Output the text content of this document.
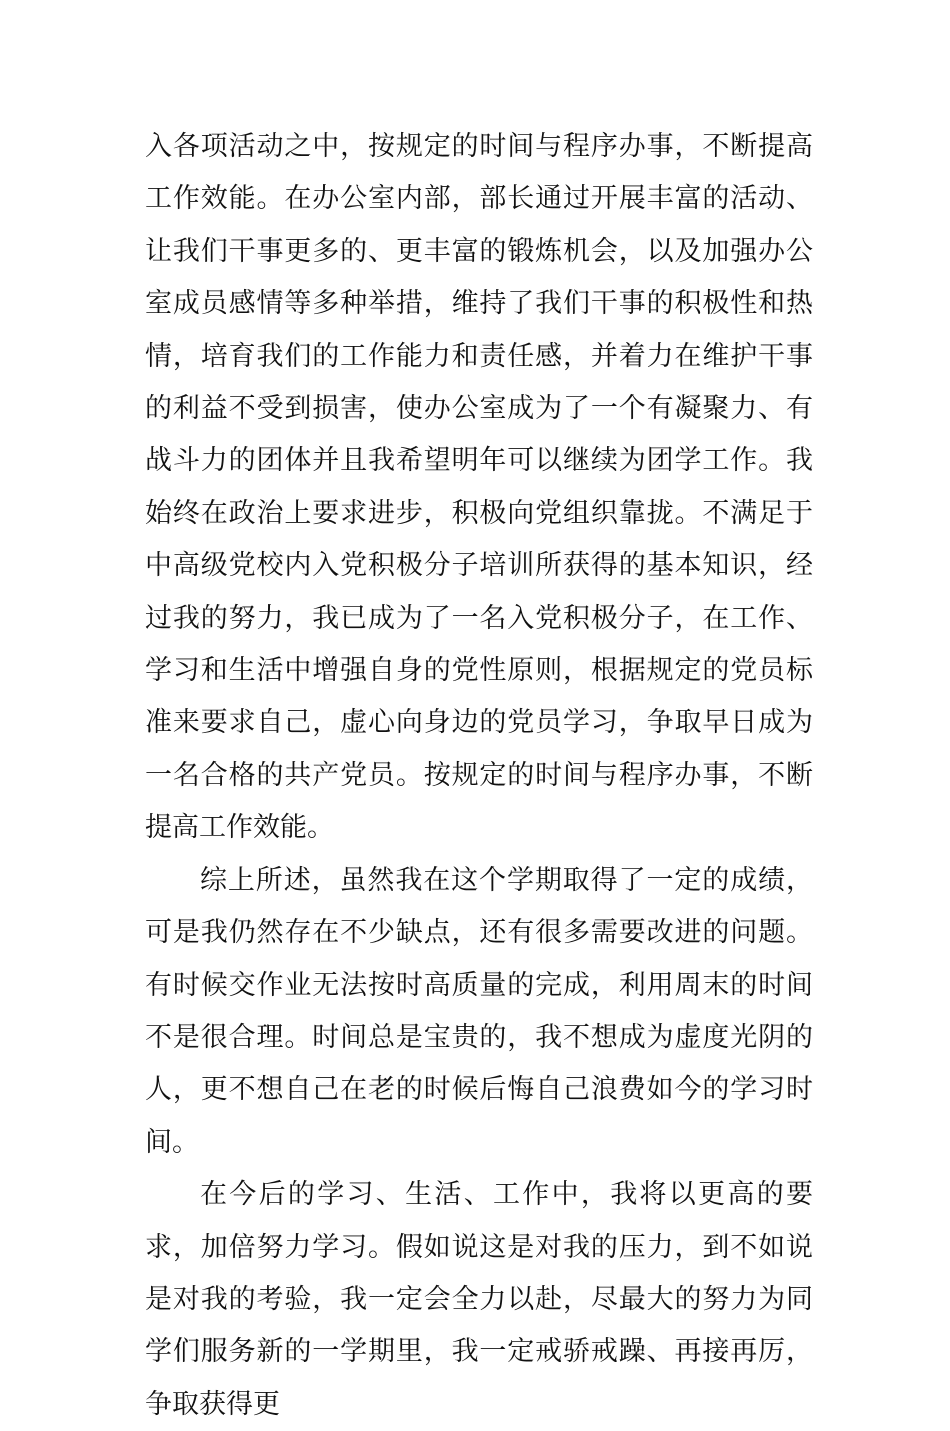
入各项活动之中，按规定的时间与程序办事，不断提高工作效能。在办公室内部，部长通过开展丰富的活动、让我们干事更多的、更丰富的锻炼机会，以及加强办公室成员感情等多种举措，维持了我们干事的积极性和热情，培育我们的工作能力和责任感，并着力在维护干事的利益不受到损害，使办公室成为了一个有凝聚力、有战斗力的团体并且我希望明年可以继续为团学工作。我始终在政治上要求进步，积极向党组织靠拢。不满足于中高级党校内入党积极分子培训所获得的基本知识，经过我的努力，我已成为了一名入党积极分子，在工作、学习和生活中增强自身的党性原则，根据规定的党员标准来要求自己，虚心向身边的党员学习，争取早日成为一名合格的共产党员。按规定的时间与程序办事，不断提高工作效能。

综上所述，虽然我在这个学期取得了一定的成绩，可是我仍然存在不少缺点，还有很多需要改进的问题。有时候交作业无法按时高质量的完成，利用周末的时间不是很合理。时间总是宝贵的，我不想成为虚度光阴的人，更不想自己在老的时候后悔自己浪费如今的学习时间。

在今后的学习、生活、工作中，我将以更高的要求，加倍努力学习。假如说这是对我的压力，到不如说是对我的考验，我一定会全力以赴，尽最大的努力为同学们服务新的一学期里，我一定戒骄戒躁、再接再厉，争取获得更
